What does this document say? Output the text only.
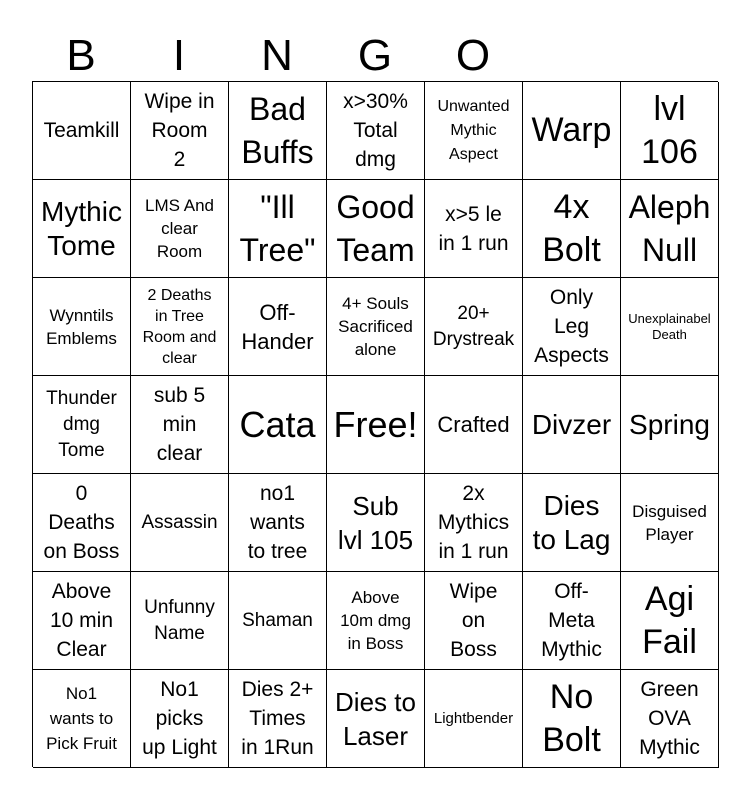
B	I	N	G	O
Teamkill
Wipe in
Room
2
Bad
Buffs
x>30%
Total
dmg
Unwanted
Mythic
Aspect
Warp
lvl
106
Mythic
Tome
LMS And
clear
Room
"Ill
Tree"
Good
Team
x>5 le
in 1 run
4x
Bolt
Aleph
Null
Wynntils
Emblems
2 Deaths
in Tree
Room and
clear
Off-
Hander
4+ Souls
Sacrificed
alone
20+
Drystreak
Only
Leg
Aspects
Unexplainabel
Death
Thunder
dmg
Tome
sub 5
min
clear
Cata Free! Crafted Divzer Spring
0
Deaths
on Boss
Assassin
no1
wants
to tree
Sub
lvl 105
2x
Mythics
in 1 run
Dies
to Lag
Disguised
Player
Above
10 min
Clear
Unfunny
Name
Shaman
Above
10m dmg
in Boss
Wipe
on
Boss
Off-
Meta
Mythic
Agi
Fail
No1
wants to
Pick Fruit
No1
picks
up Light
Dies 2+
Times
in 1Run
Dies to
Laser
Lightbender
No
Bolt
Green
OVA
Mythic
